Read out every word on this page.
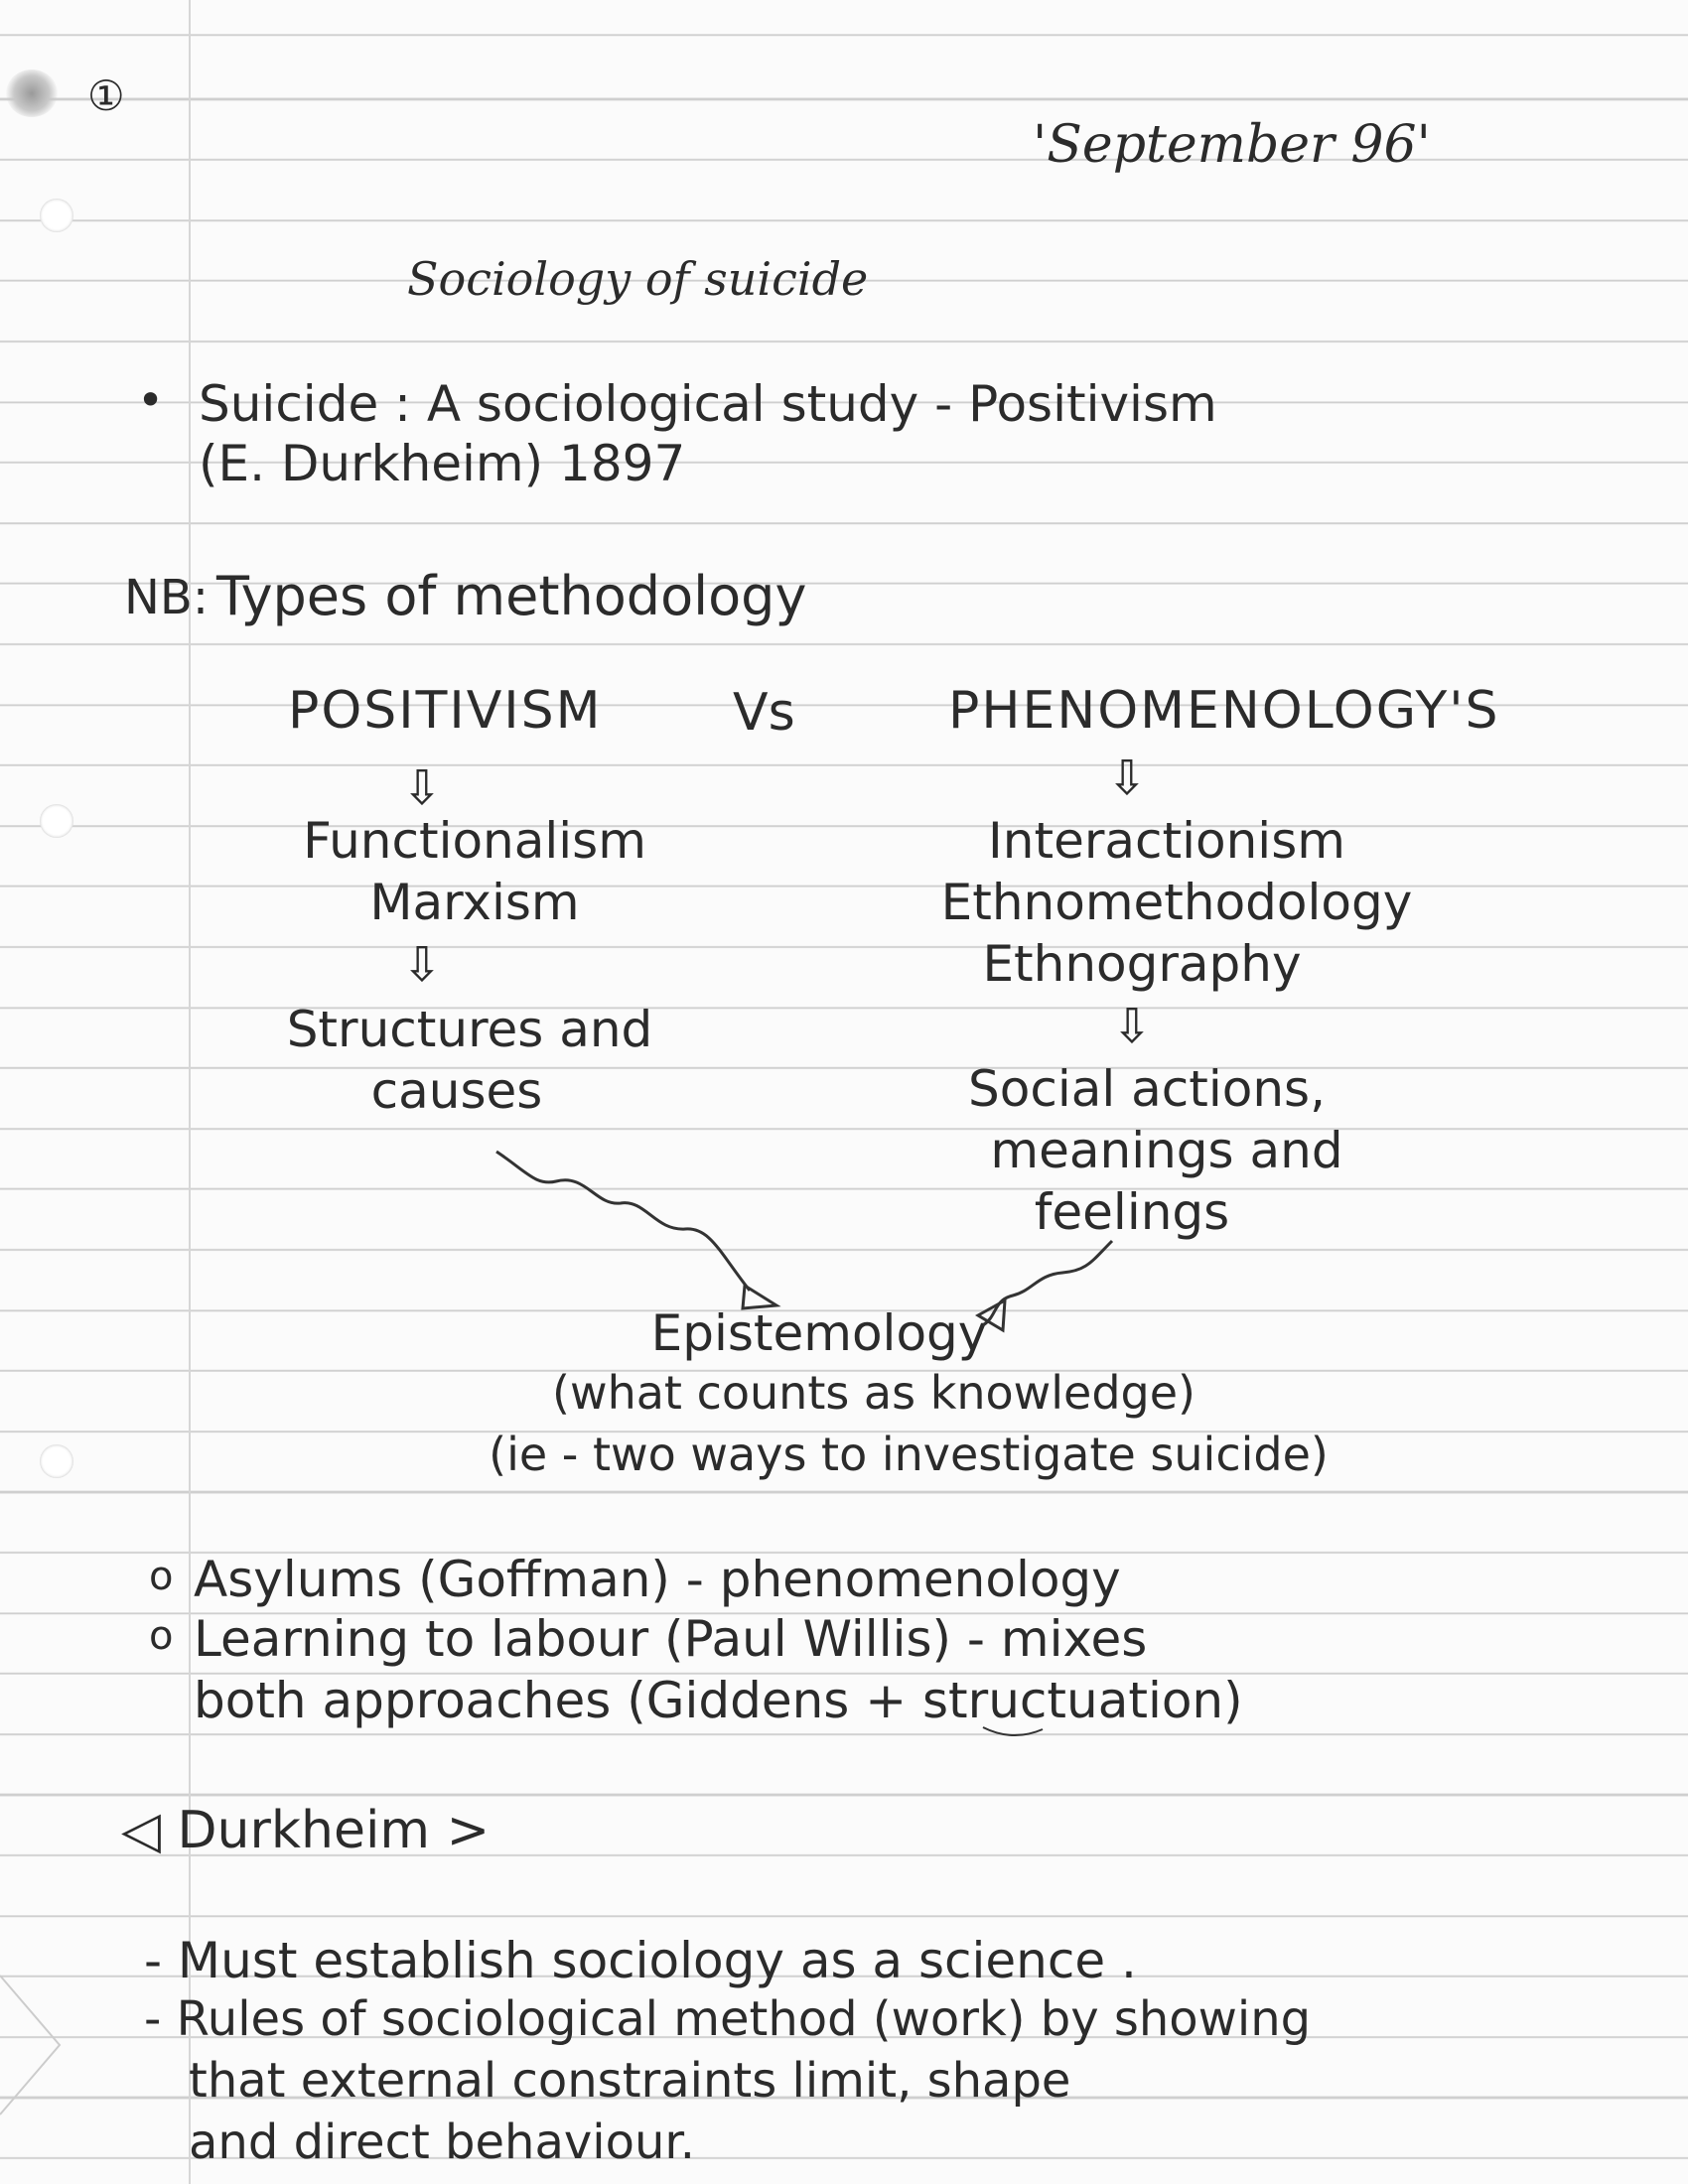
①
'September 96'
Sociology of suicide
• Suicide : A sociological study - Positivism
(E. Durkheim) 1897
NB: Types of methodology
POSITIVISM	Vs	PHENOMENOLOGY'S
⇩
Functionalism
Marxism
⇩
Structures and
causes
⇩
Interactionism
Ethnomethodology
Ethnography
⇩
Social actions,
meanings and
feelings
Epistemology
(what counts as knowledge)
(ie - two ways to investigate suicide)
o Asylums (Goffman) - phenomenology
o Learning to labour (Paul Willis) - mixes
both approaches (Giddens + structuation)
◁ Durkheim >
- Must establish sociology as a science .
- Rules of sociological method (work) by showing
that external constraints limit, shape
and direct behaviour.
